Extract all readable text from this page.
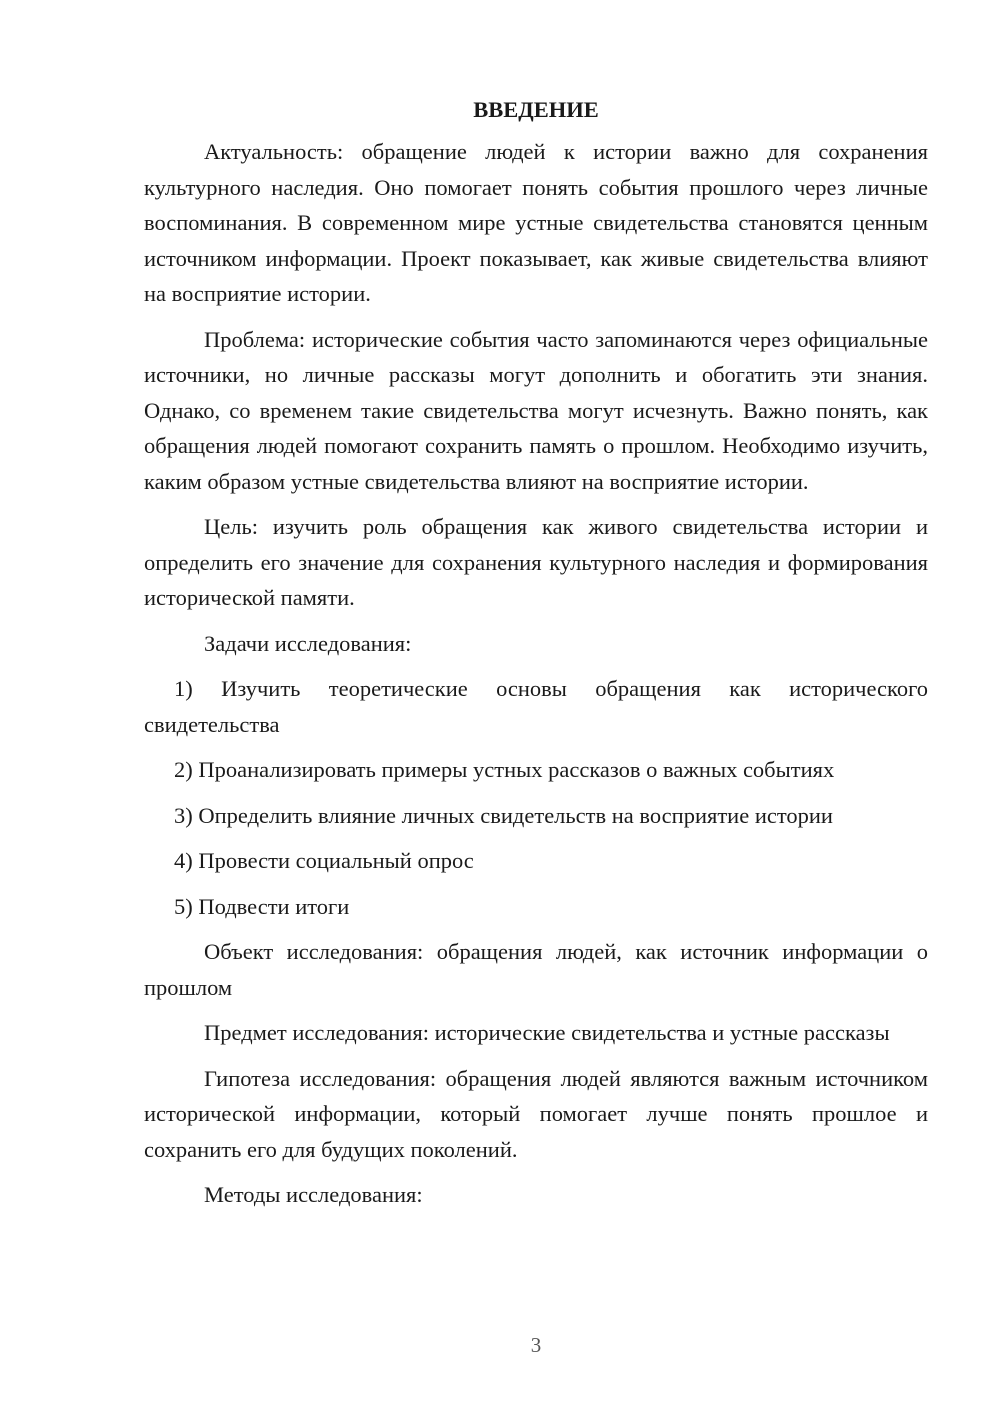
ВВЕДЕНИЕ

Актуальность: обращение людей к истории важно для сохранения культурного наследия. Оно помогает понять события прошлого через личные воспоминания. В современном мире устные свидетельства становятся ценным источником информации. Проект показывает, как живые свидетельства влияют на восприятие истории.

Проблема: исторические события часто запоминаются через официальные источники, но личные рассказы могут дополнить и обогатить эти знания. Однако, со временем такие свидетельства могут исчезнуть. Важно понять, как обращения людей помогают сохранить память о прошлом. Необходимо изучить, каким образом устные свидетельства влияют на восприятие истории.

Цель: изучить роль обращения как живого свидетельства истории и определить его значение для сохранения культурного наследия и формирования исторической памяти.

Задачи исследования:

1) Изучить теоретические основы обращения как исторического свидетельства

2) Проанализировать примеры устных рассказов о важных событиях

3) Определить влияние личных свидетельств на восприятие истории

4) Провести социальный опрос

5) Подвести итоги

Объект исследования: обращения людей, как источник информации о прошлом

Предмет исследования: исторические свидетельства и устные рассказы

Гипотеза исследования: обращения людей являются важным источником исторической информации, который помогает лучше понять прошлое и сохранить его для будущих поколений.

Методы исследования:

3
